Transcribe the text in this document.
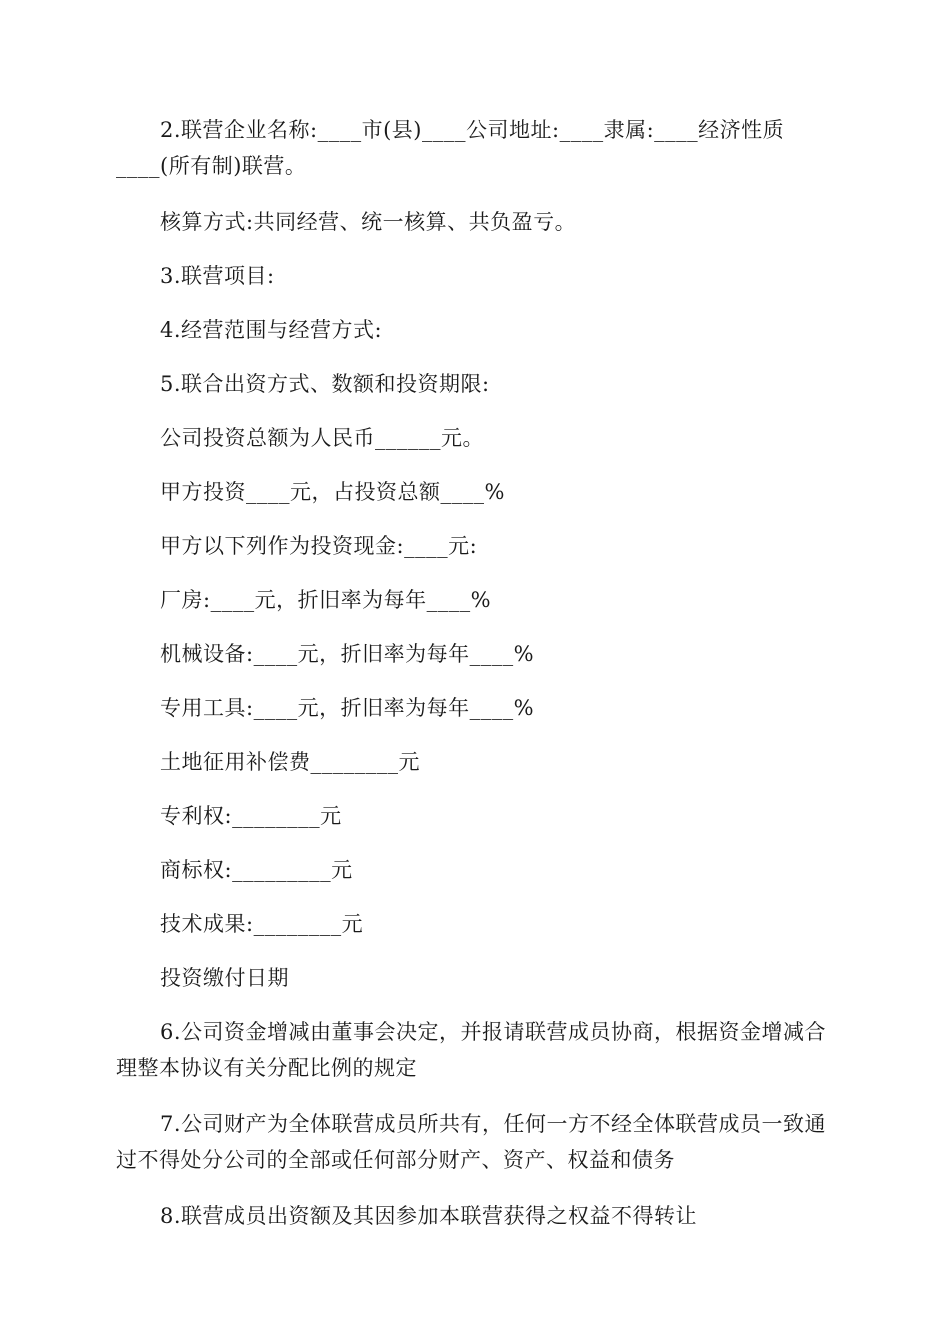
2.联营企业名称:____市(县)____公司地址:____隶属:____经济性质____(所有制)联营。

核算方式:共同经营、统一核算、共负盈亏。

3.联营项目:

4.经营范围与经营方式:

5.联合出资方式、数额和投资期限:

公司投资总额为人民币______元。

甲方投资____元，占投资总额____%

甲方以下列作为投资现金:____元:

厂房:____元，折旧率为每年____%

机械设备:____元，折旧率为每年____%

专用工具:____元，折旧率为每年____%

土地征用补偿费________元

专利权:________元

商标权:_________元

技术成果:________元

投资缴付日期

6.公司资金增减由董事会决定，并报请联营成员协商，根据资金增减合理整本协议有关分配比例的规定

7.公司财产为全体联营成员所共有，任何一方不经全体联营成员一致通过不得处分公司的全部或任何部分财产、资产、权益和债务

8.联营成员出资额及其因参加本联营获得之权益不得转让
